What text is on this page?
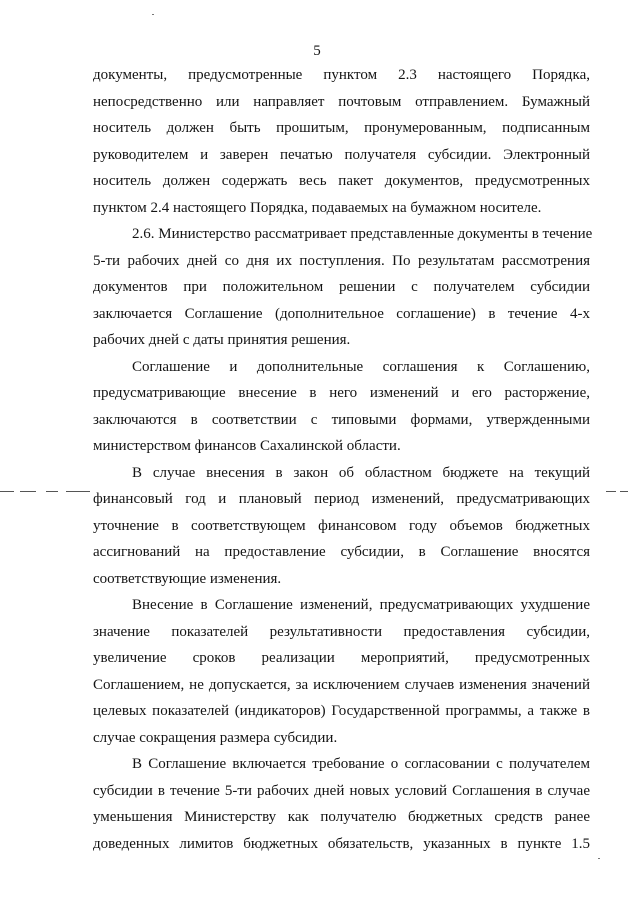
5
документы, предусмотренные пунктом 2.3 настоящего Порядка,
непосредственно или направляет почтовым отправлением. Бумажный
носитель должен быть прошитым, пронумерованным, подписанным
руководителем и заверен печатью получателя субсидии. Электронный
носитель должен содержать весь пакет документов, предусмотренных
пунктом 2.4 настоящего Порядка, подаваемых на бумажном носителе.
2.6. Министерство рассматривает представленные документы в течение
5-ти рабочих дней со дня их поступления. По результатам рассмотрения
документов при положительном решении с получателем субсидии
заключается Соглашение (дополнительное соглашение) в течение 4-х
рабочих дней с даты принятия решения.
Соглашение и дополнительные соглашения к Соглашению,
предусматривающие внесение в него изменений и его расторжение,
заключаются в соответствии с типовыми формами, утвержденными
министерством финансов Сахалинской области.
В случае внесения в закон об областном бюджете на текущий
финансовый год и плановый период изменений, предусматривающих
уточнение в соответствующем финансовом году объемов бюджетных
ассигнований на предоставление субсидии, в Соглашение вносятся
соответствующие изменения.
Внесение в Соглашение изменений, предусматривающих ухудшение
значение показателей результативности предоставления субсидии,
увеличение сроков реализации мероприятий, предусмотренных
Соглашением, не допускается, за исключением случаев изменения значений
целевых показателей (индикаторов) Государственной программы, а также в
случае сокращения размера субсидии.
В Соглашение включается требование о согласовании с получателем
субсидии в течение 5-ти рабочих дней новых условий Соглашения в случае
уменьшения Министерству как получателю бюджетных средств ранее
доведенных лимитов бюджетных обязательств, указанных в пункте 1.5
